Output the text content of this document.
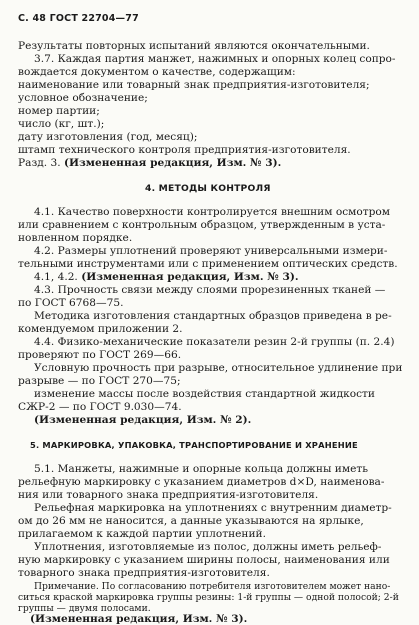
С. 48 ГОСТ 22704—77
Результаты повторных испытаний являются окончательными.
3.7. Каждая партия манжет, нажимных и опорных колец сопро-
вождается документом о качестве, содержащим:
наименование или товарный знак предприятия-изготовителя;
условное обозначение;
номер партии;
число (кг, шт.);
дату изготовления (год, месяц);
штамп технического контроля предприятия-изготовителя.
Разд. 3. (Измененная редакция, Изм. № 3).
4. МЕТОДЫ КОНТРОЛЯ
4.1. Качество поверхности контролируется внешним осмотром
или сравнением с контрольным образцом, утвержденным в уста-
новленном порядке.
4.2. Размеры уплотнений проверяют универсальными измери-
тельными инструментами или с применением оптических средств.
4.1, 4.2. (Измененная редакция, Изм. № 3).
4.3. Прочность связи между слоями прорезиненных тканей —
по ГОСТ 6768—75.
Методика изготовления стандартных образцов приведена в ре-
комендуемом приложении 2.
4.4. Физико-механические показатели резин 2-й группы (п. 2.4)
проверяют по ГОСТ 269—66.
Условную прочность при разрыве, относительное удлинение при
разрыве — по ГОСТ 270—75;
изменение массы после воздействия стандартной жидкости
СЖР-2 — по ГОСТ 9.030—74.
(Измененная редакция, Изм. № 2).
5. МАРКИРОВКА, УПАКОВКА, ТРАНСПОРТИРОВАНИЕ И ХРАНЕНИЕ
5.1. Манжеты, нажимные и опорные кольца должны иметь
рельефную маркировку с указанием диаметров d×D, наименова-
ния или товарного знака предприятия-изготовителя.
Рельефная маркировка на уплотнениях с внутренним диаметр-
ом до 26 мм не наносится, а данные указываются на ярлыке,
прилагаемом к каждой партии уплотнений.
Уплотнения, изготовляемые из полос, должны иметь рельеф-
ную маркировку с указанием ширины полосы, наименования или
товарного знака предприятия-изготовителя.
Примечание. По согласованию потребителя изготовителем может нано-
ситься краской маркировка группы резины: 1-й группы — одной полосой; 2-й
группы — двумя полосами.
(Измененная редакция, Изм. № 3).
